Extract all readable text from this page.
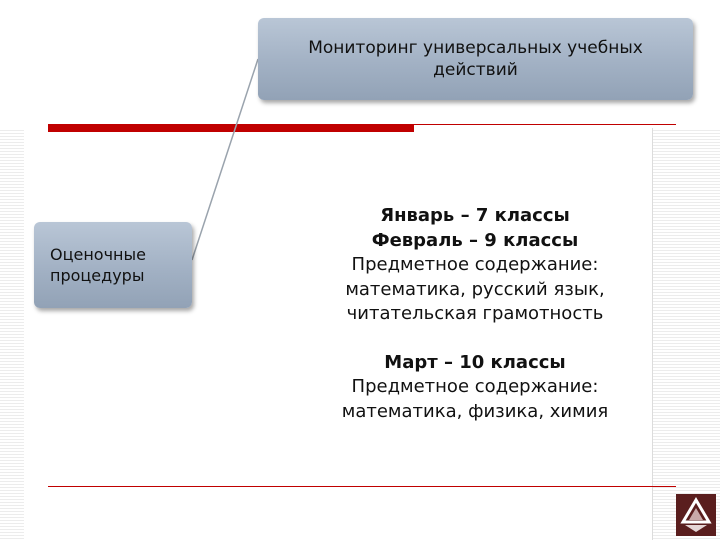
Мониторинг универсальных учебных действий
Оценочные процедуры
Январь – 7 классы
Февраль – 9 классы
Предметное содержание:
математика, русский язык,
читательская грамотность
Март – 10 классы
Предметное содержание:
математика, физика, химия
